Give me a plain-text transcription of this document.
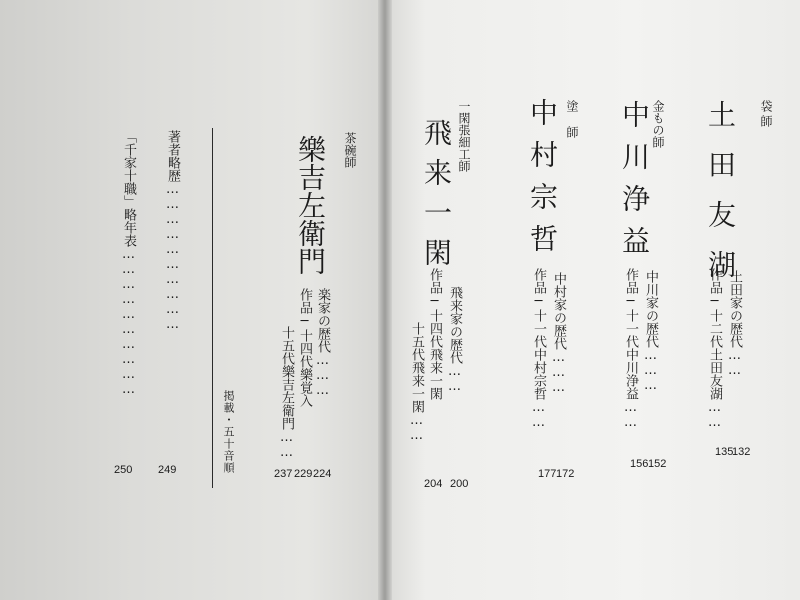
袋師
土田友湖
土田家の歴代……
作品─十二代土田友湖……
132
135
金もの師
中川浄益
中川家の歴代………
作品─十一代中川浄益……
152
156
塗師
中村宗哲
中村家の歴代………
作品─十一代中村宗哲……
172
177
一閑張細工師
飛来一閑
飛来家の歴代……
作品─十四代飛来一閑
十五代飛来一閑……
200
204
茶碗師
樂吉左衛門
楽家の歴代………
作品─十四代樂覚入
十五代樂吉左衛門……
224
229
237
掲載・五十音順
著者略歴…………………………
249
「千家十職」略年表…………………………
250
